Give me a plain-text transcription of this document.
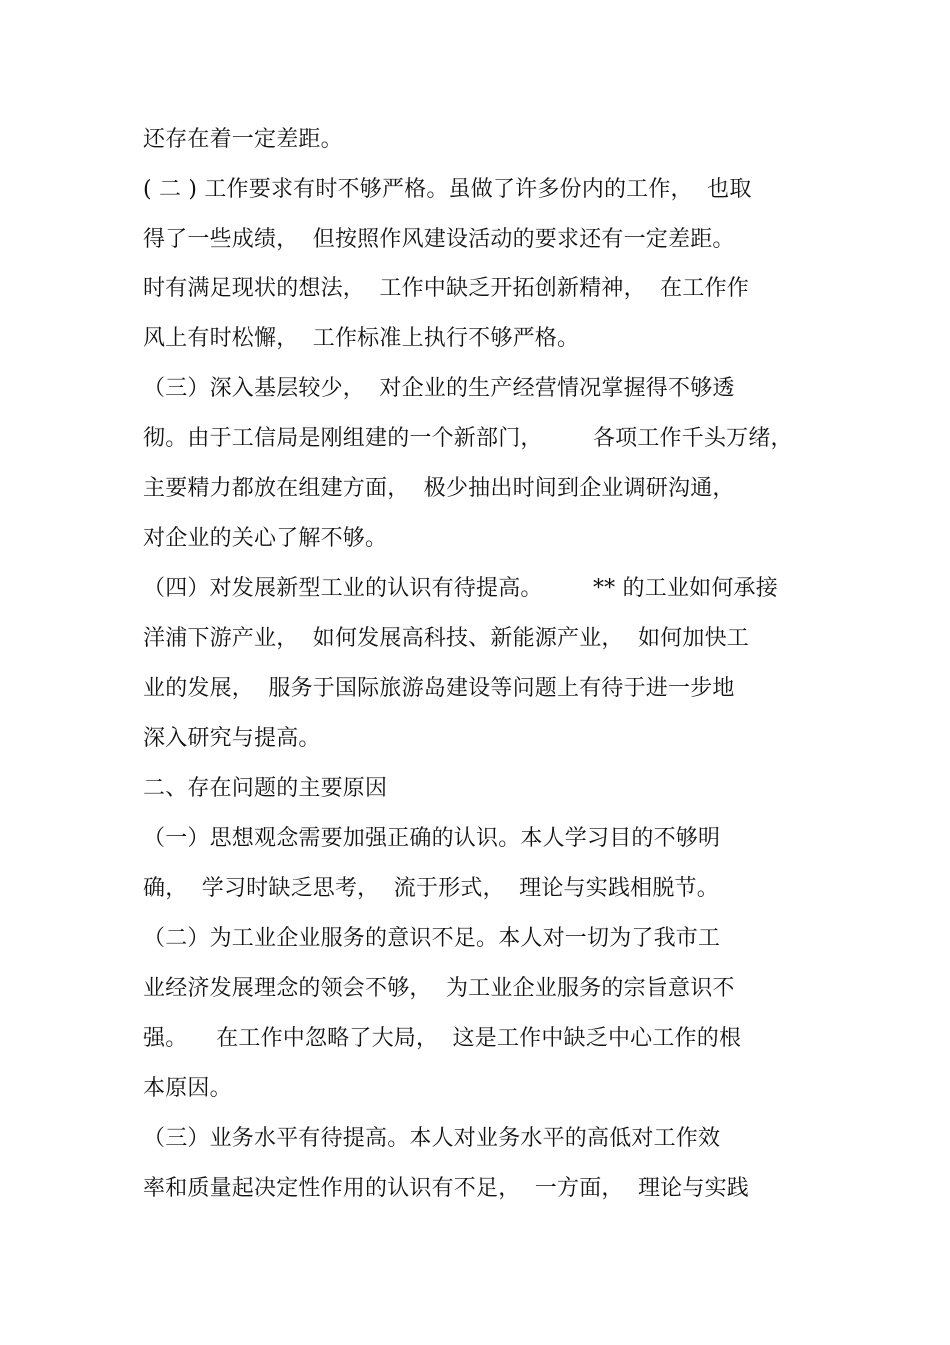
还存在着一定差距。
( 二 ) 工作要求有时不够严格。虽做了许多份内的工作，  也取
得了一些成绩，  但按照作风建设活动的要求还有一定差距。
时有满足现状的想法，  工作中缺乏开拓创新精神，  在工作作
风上有时松懈，  工作标准上执行不够严格。
（三）深入基层较少，  对企业的生产经营情况掌握得不够透
彻。由于工信局是刚组建的一个新部门，       各项工作千头万绪，
主要精力都放在组建方面，  极少抽出时间到企业调研沟通，
对企业的关心了解不够。
（四）对发展新型工业的认识有待提高。       ** 的工业如何承接
洋浦下游产业，  如何发展高科技、新能源产业，  如何加快工
业的发展，  服务于国际旅游岛建设等问题上有待于进一步地
深入研究与提高。
二、存在问题的主要原因
（一）思想观念需要加强正确的认识。本人学习目的不够明
确，  学习时缺乏思考，  流于形式，  理论与实践相脱节。
（二）为工业企业服务的意识不足。本人对一切为了我市工
业经济发展理念的领会不够，  为工业企业服务的宗旨意识不
强。    在工作中忽略了大局，  这是工作中缺乏中心工作的根
本原因。
（三）业务水平有待提高。本人对业务水平的高低对工作效
率和质量起决定性作用的认识有不足，  一方面，  理论与实践
